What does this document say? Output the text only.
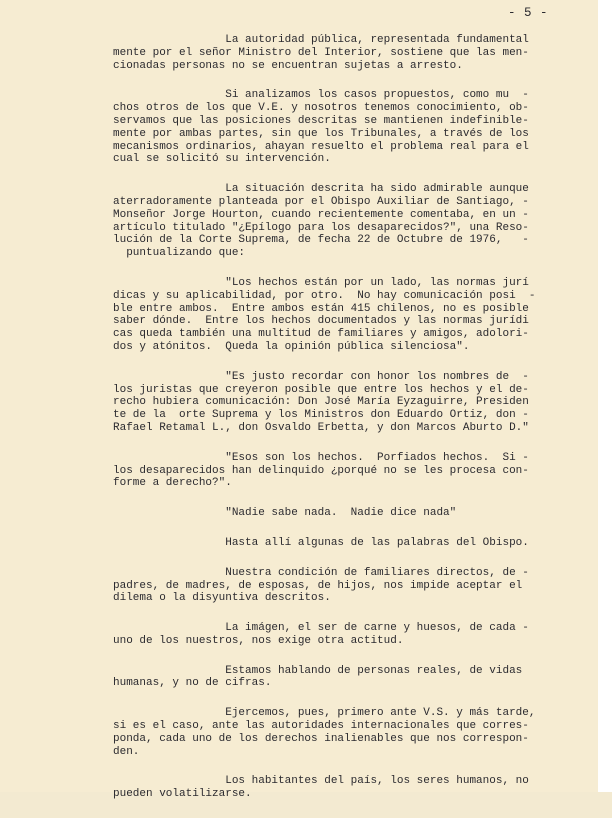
- 5 -

La autoridad pública, representada fundamental
mente por el señor Ministro del Interior, sostiene que las men-
cionadas personas no se encuentran sujetas a arresto.

Si analizamos los casos propuestos, como mu  -
chos otros de los que V.E. y nosotros tenemos conocimiento, ob-
servamos que las posiciones descritas se mantienen indefinible-
mente por ambas partes, sin que los Tribunales, a través de los
mecanismos ordinarios, ahayan resuelto el problema real para el
cual se solicitó su intervención.

La situación descrita ha sido admirable aunque
aterradoramente planteada por el Obispo Auxiliar de Santiago, -
Monseñor Jorge Hourton, cuando recientemente comentaba, en un -
artículo titulado "¿Epílogo para los desaparecidos?", una Reso-
lución de la Corte Suprema, de fecha 22 de Octubre de 1976,   -
puntualizando que:

"Los hechos están por un lado, las normas jurí
dicas y su aplicabilidad, por otro.  No hay comunicación posi  -
ble entre ambos.  Entre ambos están 415 chilenos, no es posible
saber dónde.  Entre los hechos documentados y las normas jurídi
cas queda también una multitud de familiares y amigos, adolori-
dos y atónitos.  Queda la opinión pública silenciosa".

"Es justo recordar con honor los nombres de  -
los juristas que creyeron posible que entre los hechos y el de-
recho hubiera comunicación: Don José María Eyzaguirre, Presiden
te de la  orte Suprema y los Ministros don Eduardo Ortiz, don -
Rafael Retamal L., don Osvaldo Erbetta, y don Marcos Aburto D."

"Esos son los hechos.  Porfiados hechos.  Si -
los desaparecidos han delinquido ¿porqué no se les procesa con-
forme a derecho?".

"Nadie sabe nada.  Nadie dice nada"

Hasta allí algunas de las palabras del Obispo.

Nuestra condición de familiares directos, de -
padres, de madres, de esposas, de hijos, nos impide aceptar el
dilema o la disyuntiva descritos.

La imágen, el ser de carne y huesos, de cada -
uno de los nuestros, nos exige otra actitud.

Estamos hablando de personas reales, de vidas
humanas, y no de cifras.

Ejercemos, pues, primero ante V.S. y más tarde,
si es el caso, ante las autoridades internacionales que corres-
ponda, cada uno de los derechos inalienables que nos correspon-
den.

Los habitantes del país, los seres humanos, no
pueden volatilizarse.
